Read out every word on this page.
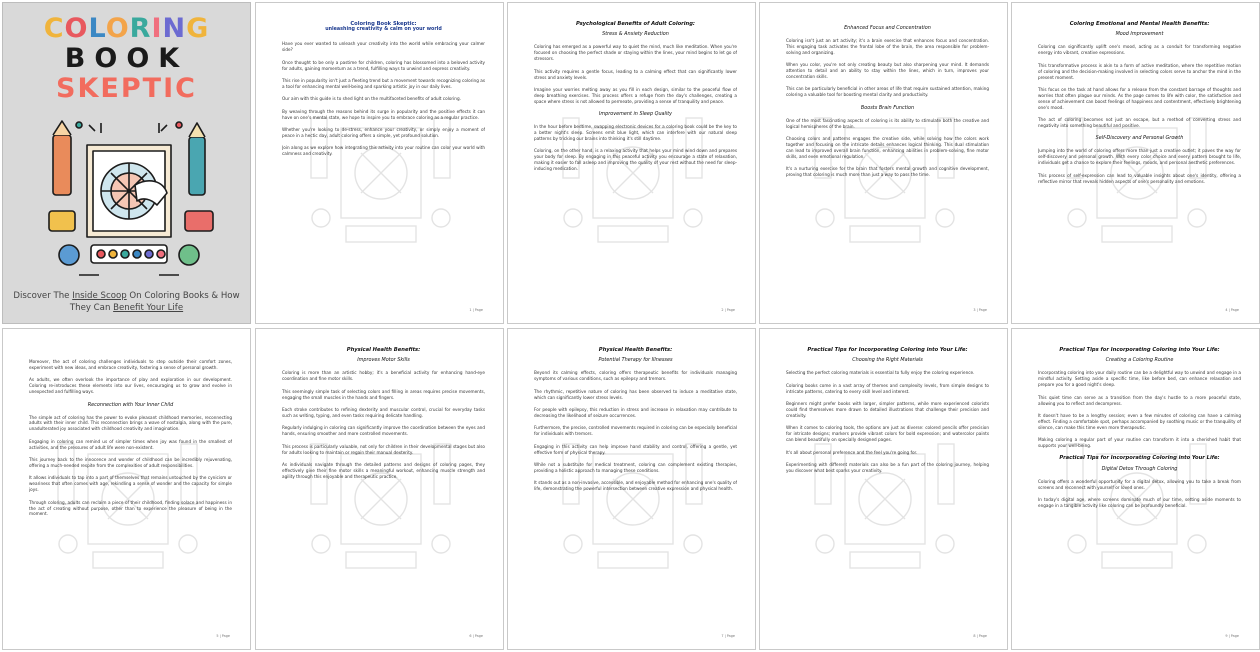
COLORING
BOOK
SKEPTIC
Discover The Inside Scoop On Coloring Books & How They Can Benefit Your Life
Coloring Book Skeptic:
unleashing creativity & calm on your world
Have you ever wanted to unleash your creativity into the world while embracing your calmer side?
Once thought to be only a pastime for children, coloring has blossomed into a beloved activity for adults, gaining momentum as a trend, fulfilling ways to unwind and express creativity.
This rise in popularity isn't just a fleeting trend but a movement towards recognizing coloring as a tool for enhancing mental well-being and sparking artistic joy in our daily lives.
Our aim with this guide is to shed light on the multifaceted benefits of adult coloring.
By weaving through the reasons behind its surge in popularity and the positive effects it can have on one's mental state, we hope to inspire you to embrace coloring as a regular practice.
Whether you're looking to de-stress, enhance your creativity, or simply enjoy a moment of peace in a hectic day, adult coloring offers a simple, yet profound solution.
Join along as we explore how integrating this activity into your routine can color your world with calmness and creativity.
1 | Page
Psychological Benefits of Adult Coloring:
Stress & Anxiety Reduction
Coloring has emerged as a powerful way to quiet the mind, much like meditation. When you're focused on choosing the perfect shade or staying within the lines, your mind begins to let go of stressors.
This activity requires a gentle focus, leading to a calming effect that can significantly lower stress and anxiety levels.
Imagine your worries melting away as you fill in each design, similar to the peaceful flow of deep breathing exercises. This process offers a refuge from the day's challenges, creating a space where stress is not allowed to permeate, providing a sense of tranquility and peace.
Improvement in Sleep Quality
In the hour before bedtime, swapping electronic devices for a coloring book could be the key to a better night's sleep. Screens emit blue light, which can interfere with our natural sleep patterns by tricking our brains into thinking it's still daytime.
Coloring, on the other hand, is a relaxing activity that helps your mind wind down and prepares your body for sleep. By engaging in this peaceful activity you encourage a state of relaxation, making it easier to fall asleep and improving the quality of your rest without the need for sleep-inducing medication.
2 | Page
Enhanced Focus and Concentration
Coloring isn't just an art activity; it's a brain exercise that enhances focus and concentration. This engaging task activates the frontal lobe of the brain, the area responsible for problem-solving and organizing.
When you color, you're not only creating beauty but also sharpening your mind. It demands attention to detail and an ability to stay within the lines, which in turn, improves your concentration skills.
This can be particularly beneficial in other areas of life that require sustained attention, making coloring a valuable tool for boosting mental clarity and productivity.
Boosts Brain Function
One of the most fascinating aspects of coloring is its ability to stimulate both the creative and logical hemispheres of the brain.
Choosing colors and patterns engages the creative side, while solving how the colors work together and focusing on the intricate details enhances logical thinking. This dual stimulation can lead to improved overall brain function, enhancing abilities in problem-solving, fine motor skills, and even emotional regulation.
It's a nurturing exercise for the brain that fosters mental growth and cognitive development, proving that coloring is much more than just a way to pass the time.
3 | Page
Coloring Emotional and Mental Health Benefits:
Mood Improvement
Coloring can significantly uplift one's mood, acting as a conduit for transforming negative energy into vibrant, creative expressions.
This transformative process is akin to a form of active meditation, where the repetitive motion of coloring and the decision-making involved in selecting colors serve to anchor the mind in the present moment.
This focus on the task at hand allows for a release from the constant barrage of thoughts and worries that often plague our minds. As the page comes to life with color, the satisfaction and sense of achievement can boost feelings of happiness and contentment, effectively brightening one's mood.
The act of coloring becomes not just an escape, but a method of converting stress and negativity into something beautiful and positive.
Self-Discovery and Personal Growth
Jumping into the world of coloring offers more than just a creative outlet; it paves the way for self-discovery and personal growth. With every color choice and every pattern brought to life, individuals get a chance to explore their feelings, moods, and personal aesthetic preferences.
This process of self-expression can lead to valuable insights about one's identity, offering a reflective mirror that reveals hidden aspects of one's personality and emotions.
4 | Page
Moreover, the act of coloring challenges individuals to step outside their comfort zones, experiment with new ideas, and embrace creativity, fostering a sense of personal growth.
As adults, we often overlook the importance of play and exploration in our development. Coloring re-introduces these elements into our lives, encouraging us to grow and evolve in unexpected and fulfilling ways.
Reconnection with Your Inner Child
The simple act of coloring has the power to evoke pleasant childhood memories, reconnecting adults with their inner child. This reconnection brings a wave of nostalgia, along with the pure, unadulterated joy associated with childhood creativity and imagination.
Engaging in coloring can remind us of simpler times when joy was found in the smallest of activities, and the pressures of adult life were non-existent.
This journey back to the innocence and wonder of childhood can be incredibly rejuvenating, offering a much-needed respite from the complexities of adult responsibilities.
It allows individuals to tap into a part of themselves that remains untouched by the cynicism or weariness that often comes with age, rekindling a sense of wonder and the capacity for simple joys.
Through coloring, adults can reclaim a piece of their childhood, finding solace and happiness in the act of creating without purpose, other than to experience the pleasure of being in the moment.
5 | Page
Physical Health Benefits:
Improves Motor Skills
Coloring is more than an artistic hobby; it's a beneficial activity for enhancing hand-eye coordination and fine motor skills.
This seemingly simple task of selecting colors and filling in areas requires precise movements, engaging the small muscles in the hands and fingers.
Each stroke contributes to refining dexterity and muscular control, crucial for everyday tasks such as writing, typing, and even tasks requiring delicate handling.
Regularly indulging in coloring can significantly improve the coordination between the eyes and hands, ensuring smoother and more controlled movements.
This process is particularly valuable, not only for children in their developmental stages but also for adults looking to maintain or regain their manual dexterity.
As individuals navigate through the detailed patterns and designs of coloring pages, they effectively give their fine motor skills a meaningful workout, enhancing muscle strength and agility through this enjoyable and therapeutic practice.
6 | Page
Physical Health Benefits:
Potential Therapy for Illnesses
Beyond its calming effects, coloring offers therapeutic benefits for individuals managing symptoms of various conditions, such as epilepsy and tremors.
The rhythmic, repetitive nature of coloring has been observed to induce a meditative state, which can significantly lower stress levels.
For people with epilepsy, this reduction in stress and increase in relaxation may contribute to decreasing the likelihood of seizure occurrences.
Furthermore, the precise, controlled movements required in coloring can be especially beneficial for individuals with tremors.
Engaging in this activity can help improve hand stability and control, offering a gentle, yet effective form of physical therapy.
While not a substitute for medical treatment, coloring can complement existing therapies, providing a holistic approach to managing these conditions.
It stands out as a non-invasive, accessible, and enjoyable method for enhancing one's quality of life, demonstrating the powerful intersection between creative expression and physical health.
7 | Page
Practical Tips for Incorporating Coloring into Your Life:
Choosing the Right Materials
Selecting the perfect coloring materials is essential to fully enjoy the coloring experience.
Coloring books come in a vast array of themes and complexity levels, from simple designs to intricate patterns, catering to every skill level and interest.
Beginners might prefer books with larger, simpler patterns, while more experienced colorists could find themselves more drawn to detailed illustrations that challenge their precision and creativity.
When it comes to coloring tools, the options are just as diverse: colored pencils offer precision for intricate designs; markers provide vibrant colors for bold expression; and watercolor paints can blend beautifully on specially designed pages.
It's all about personal preference and the feel you're going for.
Experimenting with different materials can also be a fun part of the coloring journey, helping you discover what best sparks your creativity.
8 | Page
Practical Tips for Incorporating Coloring into Your Life:
Creating a Coloring Routine
Incorporating coloring into your daily routine can be a delightful way to unwind and engage in a mindful activity. Setting aside a specific time, like before bed, can enhance relaxation and prepare you for a good night's sleep.
This quiet time can serve as a transition from the day's hustle to a more peaceful state, allowing you to reflect and decompress.
It doesn't have to be a lengthy session; even a few minutes of coloring can have a calming effect. Finding a comfortable spot, perhaps accompanied by soothing music or the tranquility of silence, can make this time even more therapeutic.
Making coloring a regular part of your routine can transform it into a cherished habit that supports your well-being.
Practical Tips for Incorporating Coloring into Your Life:
Digital Detox Through Coloring
Coloring offers a wonderful opportunity for a digital detox, allowing you to take a break from screens and reconnect with yourself or loved ones.
In today's digital age, where screens dominate much of our time, setting aside moments to engage in a tangible activity like coloring can be profoundly beneficial.
9 | Page
